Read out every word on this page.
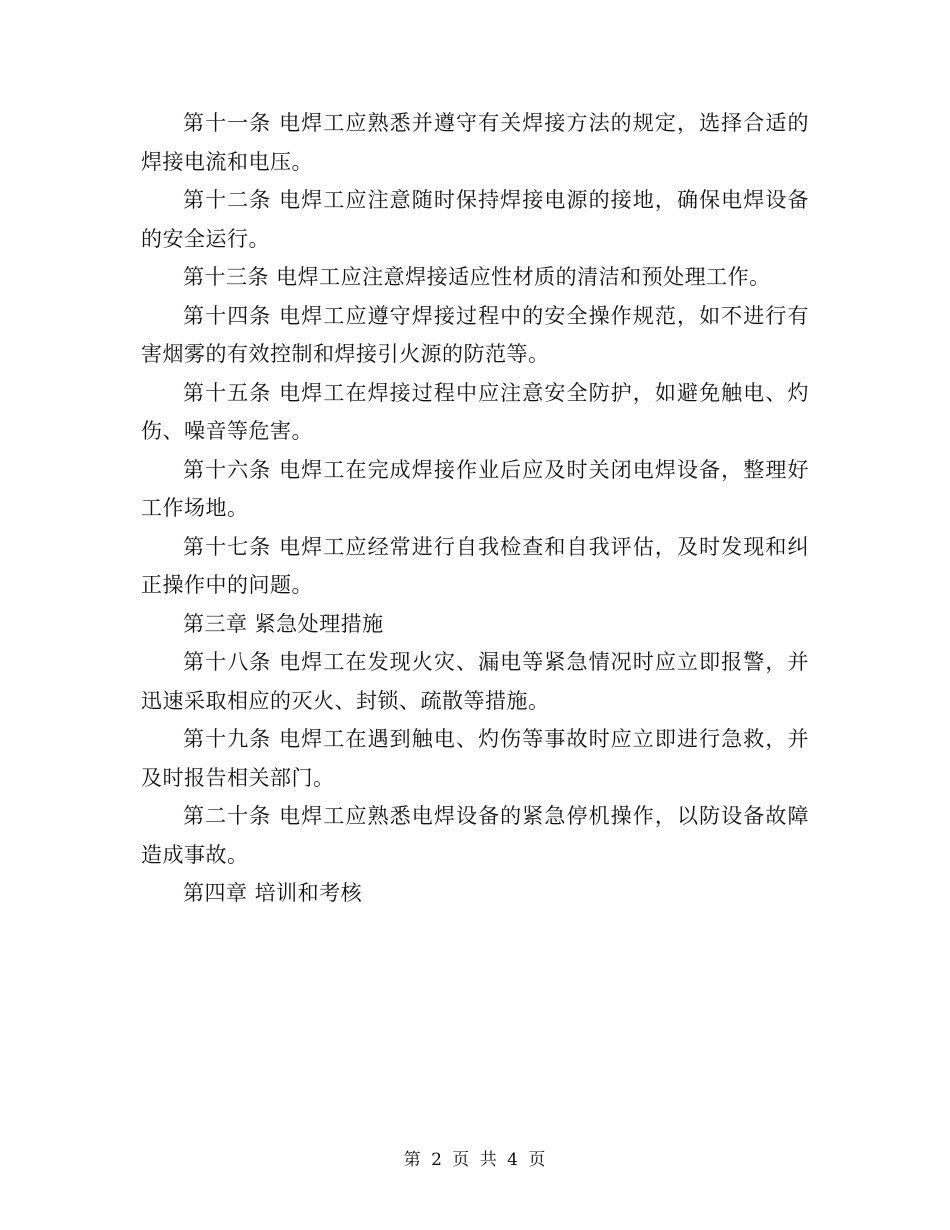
第十一条 电焊工应熟悉并遵守有关焊接方法的规定，选择合适的焊接电流和电压。

第十二条 电焊工应注意随时保持焊接电源的接地，确保电焊设备的安全运行。

第十三条 电焊工应注意焊接适应性材质的清洁和预处理工作。

第十四条 电焊工应遵守焊接过程中的安全操作规范，如不进行有害烟雾的有效控制和焊接引火源的防范等。

第十五条 电焊工在焊接过程中应注意安全防护，如避免触电、灼伤、噪音等危害。

第十六条 电焊工在完成焊接作业后应及时关闭电焊设备，整理好工作场地。

第十七条 电焊工应经常进行自我检查和自我评估，及时发现和纠正操作中的问题。

第三章 紧急处理措施

第十八条 电焊工在发现火灾、漏电等紧急情况时应立即报警，并迅速采取相应的灭火、封锁、疏散等措施。

第十九条 电焊工在遇到触电、灼伤等事故时应立即进行急救，并及时报告相关部门。

第二十条 电焊工应熟悉电焊设备的紧急停机操作，以防设备故障造成事故。

第四章 培训和考核

第 2 页 共 4 页
